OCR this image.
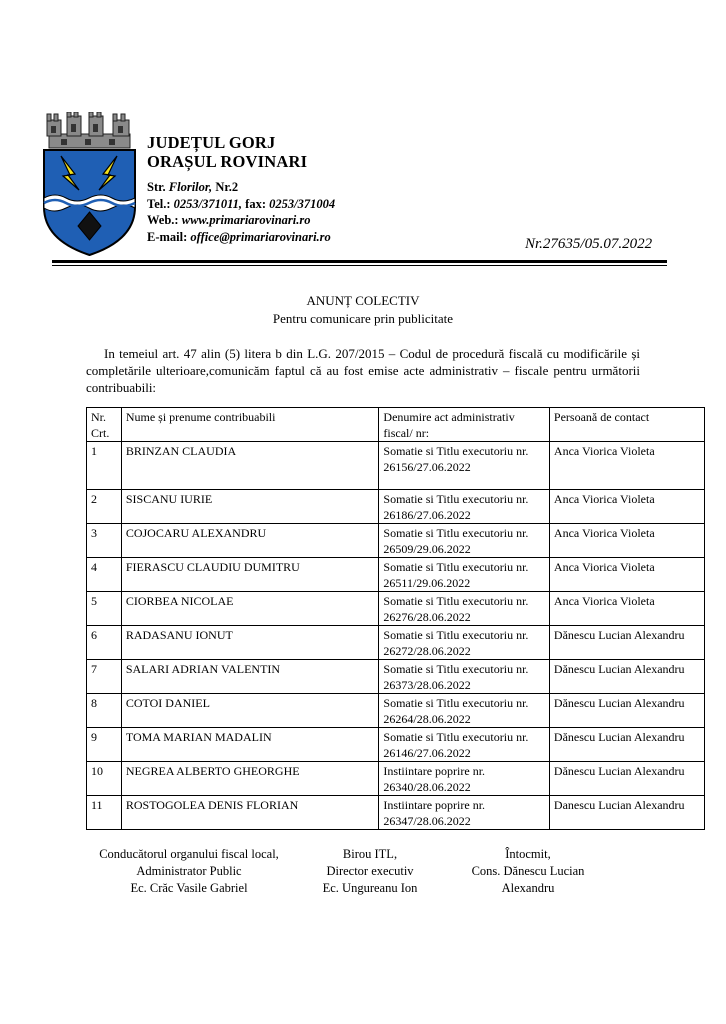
JUDEȚUL GORJ
ORAȘUL ROVINARI
Str. Florilor, Nr.2
Tel.: 0253/371011, fax: 0253/371004
Web.: www.primariarovinari.ro
E-mail: office@primariarovinari.ro	Nr.27635/05.07.2022
ANUNȚ COLECTIV
Pentru comunicare prin publicitate
In temeiul art. 47 alin (5) litera b din L.G. 207/2015 – Codul de procedură fiscală cu modificările și completările ulterioare,comunicăm faptul că au fost emise acte administrativ – fiscale pentru următorii contribuabili:
Nr. Crt.	Nume și prenume contribuabili	Denumire act administrativ fiscal/ nr:	Persoană de contact
1	BRINZAN CLAUDIA	Somatie si Titlu executoriu nr. 26156/27.06.2022	Anca Viorica Violeta
2	SISCANU IURIE	Somatie si Titlu executoriu nr. 26186/27.06.2022	Anca Viorica Violeta
3	COJOCARU ALEXANDRU	Somatie si Titlu executoriu nr. 26509/29.06.2022	Anca Viorica Violeta
4	FIERASCU CLAUDIU DUMITRU	Somatie si Titlu executoriu nr. 26511/29.06.2022	Anca Viorica Violeta
5	CIORBEA NICOLAE	Somatie si Titlu executoriu nr. 26276/28.06.2022	Anca Viorica Violeta
6	RADASANU IONUT	Somatie si Titlu executoriu nr. 26272/28.06.2022	Dănescu Lucian Alexandru
7	SALARI ADRIAN VALENTIN	Somatie si Titlu executoriu nr. 26373/28.06.2022	Dănescu Lucian Alexandru
8	COTOI DANIEL	Somatie si Titlu executoriu nr. 26264/28.06.2022	Dănescu Lucian Alexandru
9	TOMA MARIAN MADALIN	Somatie si Titlu executoriu nr. 26146/27.06.2022	Dănescu Lucian Alexandru
10	NEGREA ALBERTO GHEORGHE	Instiintare poprire nr. 26340/28.06.2022	Dănescu Lucian Alexandru
11	ROSTOGOLEA DENIS FLORIAN	Instiintare poprire nr. 26347/28.06.2022	Danescu Lucian Alexandru
Conducătorul organului fiscal local,
Administrator Public
Ec. Crăc Vasile Gabriel
Birou ITL,
Director executiv
Ec. Ungureanu Ion
Întocmit,
Cons. Dănescu Lucian
Alexandru
